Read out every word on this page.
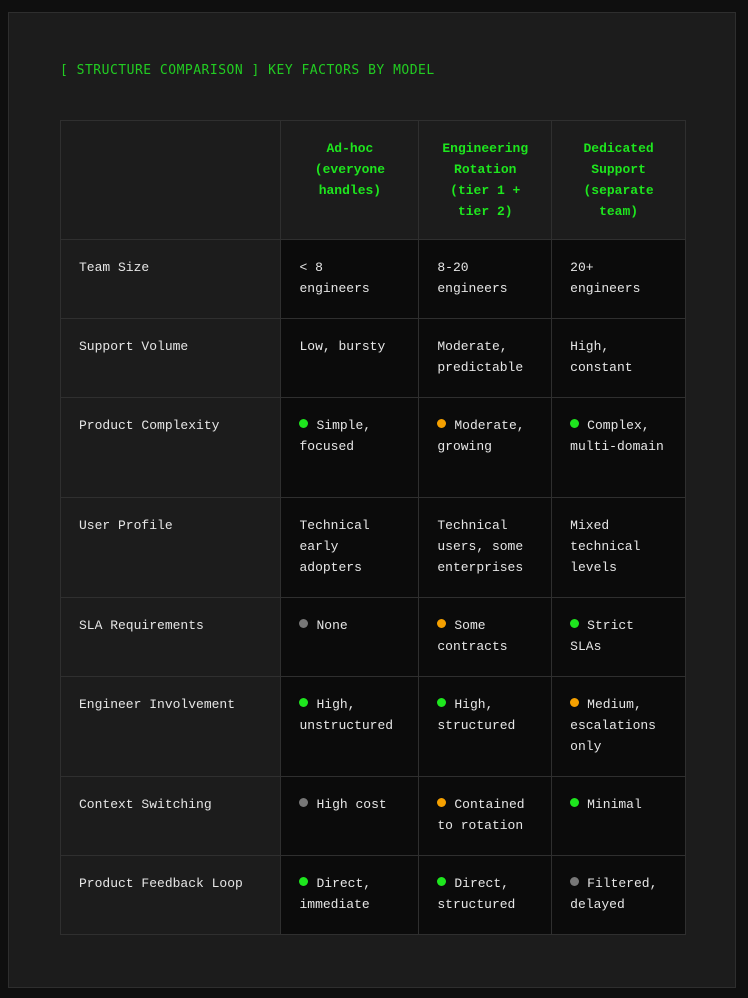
[ STRUCTURE COMPARISON ] KEY FACTORS BY MODEL
	Ad-hoc (everyone handles)	Engineering Rotation (tier 1 + tier 2)	Dedicated Support (separate team)
Team Size	< 8 engineers	8-20 engineers	20+ engineers
Support Volume	Low, bursty	Moderate, predictable	High, constant
Product Complexity	Simple, focused	Moderate, growing	Complex, multi-domain
User Profile	Technical early adopters	Technical users, some enterprises	Mixed technical levels
SLA Requirements	None	Some contracts	Strict SLAs
Engineer Involvement	High, unstructured	High, structured	Medium, escalations only
Context Switching	High cost	Contained to rotation	Minimal
Product Feedback Loop	Direct, immediate	Direct, structured	Filtered, delayed
